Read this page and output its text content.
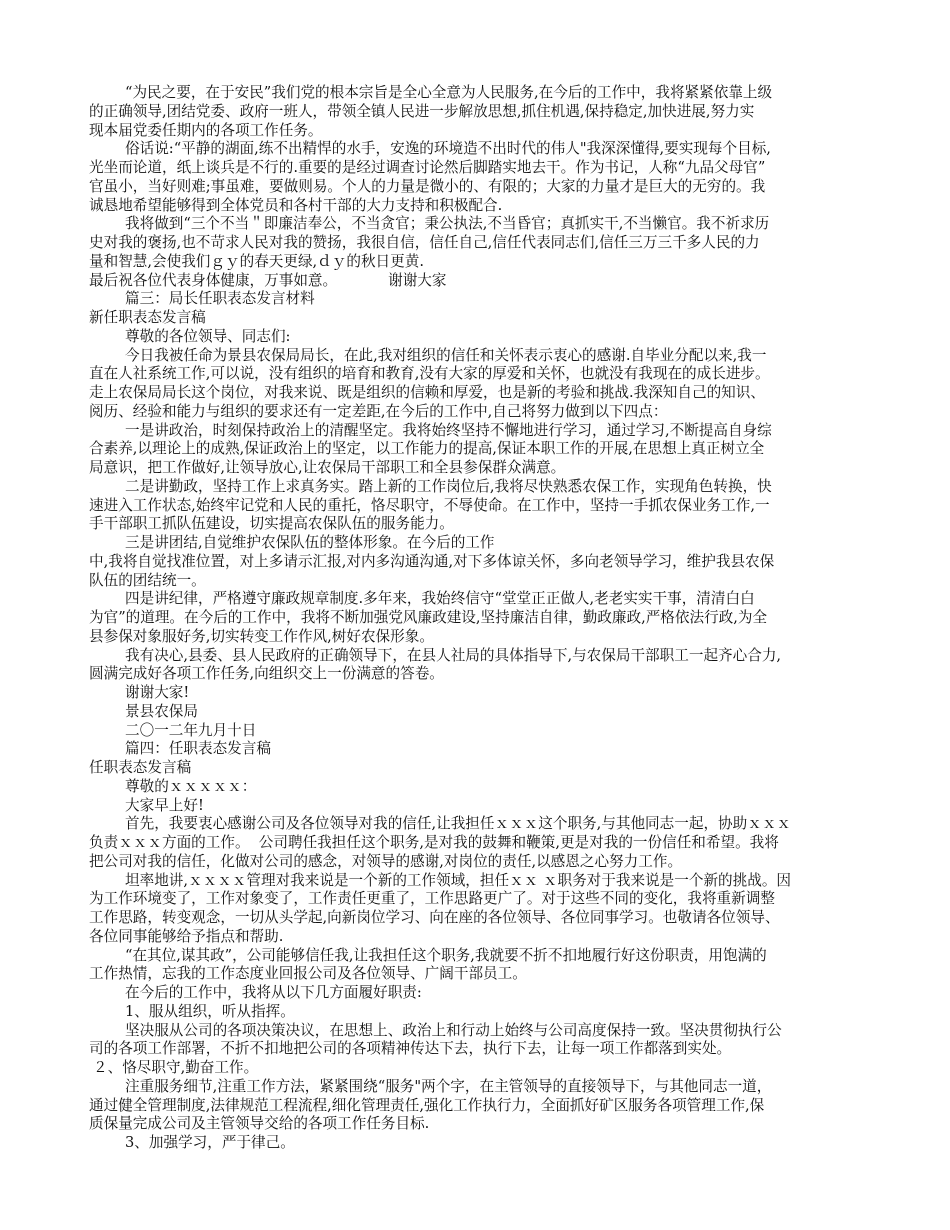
“为民之要，在于安民”我们党的根本宗旨是全心全意为人民服务,在今后的工作中，我将紧紧依靠上级
的正确领导,团结党委、政府一班人，带领全镇人民进一步解放思想,抓住机遇,保持稳定,加快进展,努力实
现本届党委任期内的各项工作任务。
俗话说:“平静的湖面,练不出精悍的水手，安逸的环境造不出时代的伟人"我深深懂得,要实现每个目标,
光坐而论道，纸上谈兵是不行的.重要的是经过调查讨论然后脚踏实地去干。作为书记，人称“九品父母官”
官虽小，当好则难;事虽难，要做则易。个人的力量是微小的、有限的；大家的力量才是巨大的无穷的。我
诚恳地希望能够得到全体党员和各村干部的大力支持和积极配合.
我将做到“三个不当＂即廉洁奉公，不当贪官；秉公执法,不当昏官；真抓实干,不当懒官。我不祈求历
史对我的褒扬,也不苛求人民对我的赞扬，我很自信，信任自己,信任代表同志们,信任三万三千多人民的力
量和智慧,会使我们ｇｙ的春天更绿,ｄｙ的秋日更黄.
最后祝各位代表身体健康，万事如意。           谢谢大家
篇三：局长任职表态发言材料
新任职表态发言稿
尊敬的各位领导、同志们:
今日我被任命为景县农保局局长，在此,我对组织的信任和关怀表示衷心的感谢.自毕业分配以来,我一
直在人社系统工作,可以说，没有组织的培育和教育,没有大家的厚爱和关怀，也就没有我现在的成长进步。
走上农保局局长这个岗位，对我来说、既是组织的信赖和厚爱，也是新的考验和挑战.我深知自己的知识、
阅历、经验和能力与组织的要求还有一定差距,在今后的工作中,自己将努力做到以下四点：
一是讲政治，时刻保持政治上的清醒坚定。我将始终坚持不懈地进行学习，通过学习,不断提高自身综
合素养,以理论上的成熟,保证政治上的坚定，以工作能力的提高,保证本职工作的开展,在思想上真正树立全
局意识，把工作做好,让领导放心,让农保局干部职工和全县参保群众满意。
二是讲勤政，坚持工作上求真务实。踏上新的工作岗位后,我将尽快熟悉农保工作，实现角色转换，快
速进入工作状态,始终牢记党和人民的重托，恪尽职守，不辱使命。在工作中，坚持一手抓农保业务工作,一
手干部职工抓队伍建设，切实提高农保队伍的服务能力。
三是讲团结,自觉维护农保队伍的整体形象。在今后的工作
中,我将自觉找准位置，对上多请示汇报,对内多沟通沟通,对下多体谅关怀，多向老领导学习，维护我县农保
队伍的团结统一。
四是讲纪律，严格遵守廉政规章制度.多年来，我始终信守“堂堂正正做人,老老实实干事，清清白白
为官”的道理。在今后的工作中，我将不断加强党风廉政建设,坚持廉洁自律，勤政廉政,严格依法行政,为全
县参保对象服好务,切实转变工作作风,树好农保形象。
我有决心,县委、县人民政府的正确领导下，在县人社局的具体指导下,与农保局干部职工一起齐心合力,
圆满完成好各项工作任务,向组织交上一份满意的答卷。
谢谢大家!
景县农保局
二〇一二年九月十日
篇四：任职表态发言稿
任职表态发言稿
尊敬的ｘｘｘｘｘ：
大家早上好!
首先，我要衷心感谢公司及各位领导对我的信任,让我担任ｘｘｘ这个职务,与其他同志一起，协助ｘｘｘ
负责ｘｘｘ方面的工作。  公司聘任我担任这个职务,是对我的鼓舞和鞭策,更是对我的一份信任和希望。我将
把公司对我的信任，化做对公司的感念，对领导的感谢,对岗位的责任,以感恩之心努力工作。
坦率地讲,ｘｘｘｘ管理对我来说是一个新的工作领域，担任ｘｘ ｘ职务对于我来说是一个新的挑战。因
为工作环境变了，工作对象变了，工作责任更重了，工作思路更广了。对于这些不同的变化，我将重新调整
工作思路，转变观念，一切从头学起,向新岗位学习、向在座的各位领导、各位同事学习。也敬请各位领导、
各位同事能够给予指点和帮助.
“在其位,谋其政”，公司能够信任我,让我担任这个职务,我就要不折不扣地履行好这份职责，用饱满的
工作热情，忘我的工作态度业回报公司及各位领导、广阔干部员工。
在今后的工作中，我将从以下几方面履好职责:
1、服从组织，听从指挥。
坚决服从公司的各项决策决议，在思想上、政治上和行动上始终与公司高度保持一致。坚决贯彻执行公
司的各项工作部署，不折不扣地把公司的各项精神传达下去，执行下去，让每一项工作都落到实处。
２、恪尽职守,勤奋工作。
注重服务细节,注重工作方法，紧紧围绕“服务"两个字，在主管领导的直接领导下，与其他同志一道，
通过健全管理制度,法律规范工程流程,细化管理责任,强化工作执行力，全面抓好矿区服务各项管理工作,保
质保量完成公司及主管领导交给的各项工作任务目标.
3、加强学习，严于律己。
